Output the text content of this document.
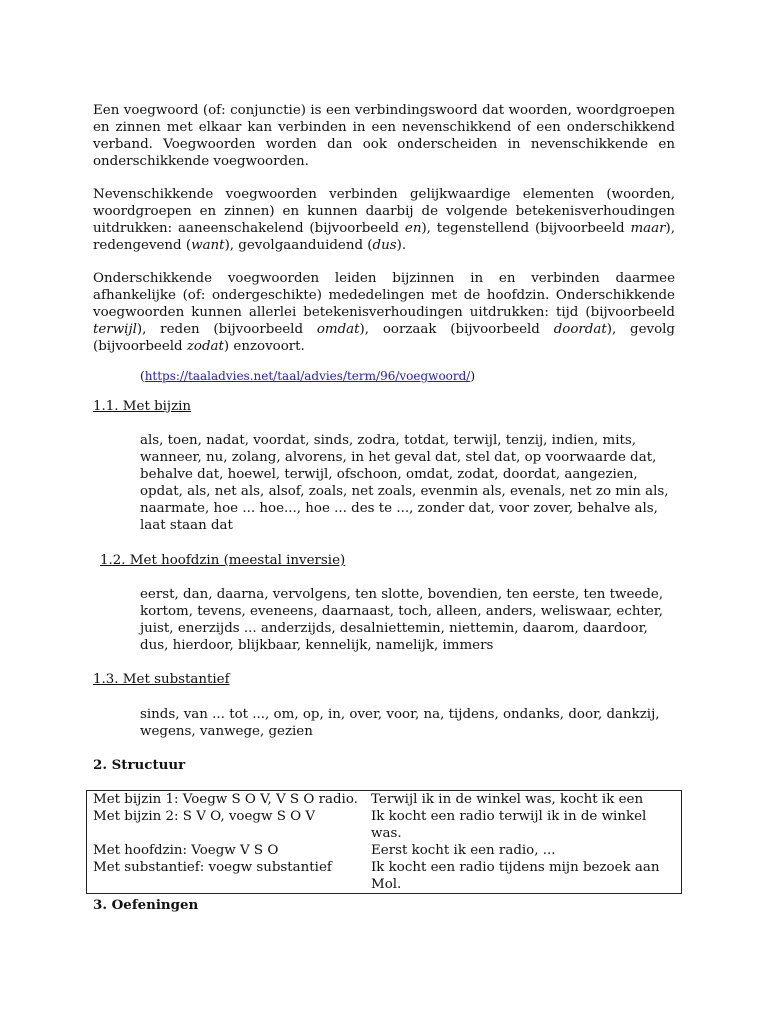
Een voegwoord (of: conjunctie) is een verbindingswoord dat woorden, woordgroepen en zinnen met elkaar kan verbinden in een nevenschikkend of een onderschikkend verband. Voegwoorden worden dan ook onderscheiden in nevenschikkende en onderschikkende voegwoorden.

Nevenschikkende voegwoorden verbinden gelijkwaardige elementen (woorden, woordgroepen en zinnen) en kunnen daarbij de volgende betekenisverhoudingen uitdrukken: aaneenschakelend (bijvoorbeeld en), tegenstellend (bijvoorbeeld maar), redengevend (want), gevolgaanduidend (dus).

Onderschikkende voegwoorden leiden bijzinnen in en verbinden daarmee afhankelijke (of: ondergeschikte) mededelingen met de hoofdzin. Onderschikkende voegwoorden kunnen allerlei betekenisverhoudingen uitdrukken: tijd (bijvoorbeeld terwijl), reden (bijvoorbeeld omdat), oorzaak (bijvoorbeeld doordat), gevolg (bijvoorbeeld zodat) enzovoort.

(https://taaladvies.net/taal/advies/term/96/voegwoord/)

1.1. Met bijzin

als, toen, nadat, voordat, sinds, zodra, totdat, terwijl, tenzij, indien, mits, wanneer, nu, zolang, alvorens, in het geval dat, stel dat, op voorwaarde dat, behalve dat, hoewel, terwijl, ofschoon, omdat, zodat, doordat, aangezien, opdat, als, net als, alsof, zoals, net zoals, evenmin als, evenals, net zo min als, naarmate, hoe ... hoe..., hoe ... des te ..., zonder dat, voor zover, behalve als, laat staan dat

1.2. Met hoofdzin (meestal inversie)

eerst, dan, daarna, vervolgens, ten slotte, bovendien, ten eerste, ten tweede, kortom, tevens, eveneens, daarnaast, toch, alleen, anders, weliswaar, echter, juist, enerzijds ... anderzijds, desalniettemin, niettemin, daarom, daardoor, dus, hierdoor, blijkbaar, kennelijk, namelijk, immers

1.3. Met substantief

sinds, van ... tot ..., om, op, in, over, voor, na, tijdens, ondanks, door, dankzij, wegens, vanwege, gezien

2. Structuur
Met bijzin 1: Voegw S O V, V S O radio.	Terwijl ik in de winkel was, kocht ik een
Met bijzin 2: S V O, voegw S O V	Ik kocht een radio terwijl ik in de winkel was.
Met hoofdzin: Voegw V S O	Eerst kocht ik een radio, ...
Met substantief: voegw substantief	Ik kocht een radio tijdens mijn bezoek aan Mol.
3. Oefeningen
